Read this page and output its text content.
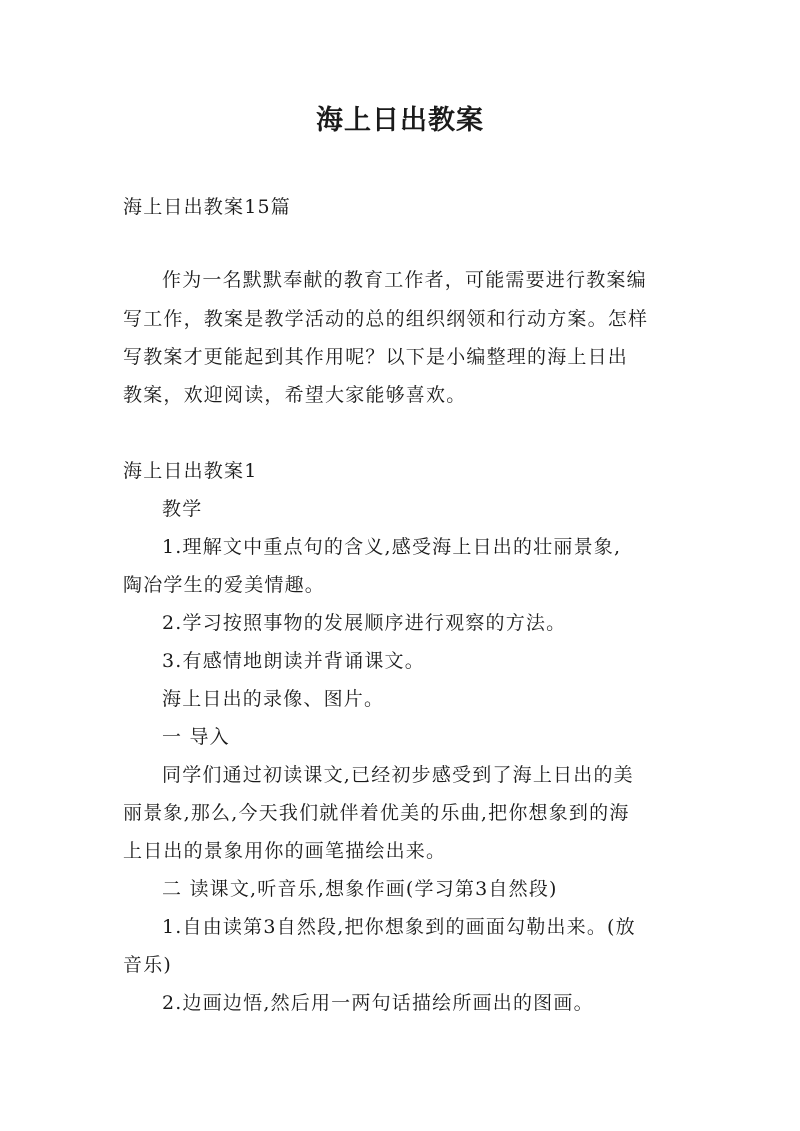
海上日出教案
海上日出教案15篇
作为一名默默奉献的教育工作者，可能需要进行教案编
写工作，教案是教学活动的总的组织纲领和行动方案。怎样
写教案才更能起到其作用呢？以下是小编整理的海上日出
教案，欢迎阅读，希望大家能够喜欢。
海上日出教案1
教学
1.理解文中重点句的含义,感受海上日出的壮丽景象,
陶冶学生的爱美情趣。
2.学习按照事物的发展顺序进行观察的方法。
3.有感情地朗读并背诵课文。
海上日出的录像、图片。
一 导入
同学们通过初读课文,已经初步感受到了海上日出的美
丽景象,那么,今天我们就伴着优美的乐曲,把你想象到的海
上日出的景象用你的画笔描绘出来。
二 读课文,听音乐,想象作画(学习第3自然段)
1.自由读第3自然段,把你想象到的画面勾勒出来。(放
音乐)
2.边画边悟,然后用一两句话描绘所画出的图画。
